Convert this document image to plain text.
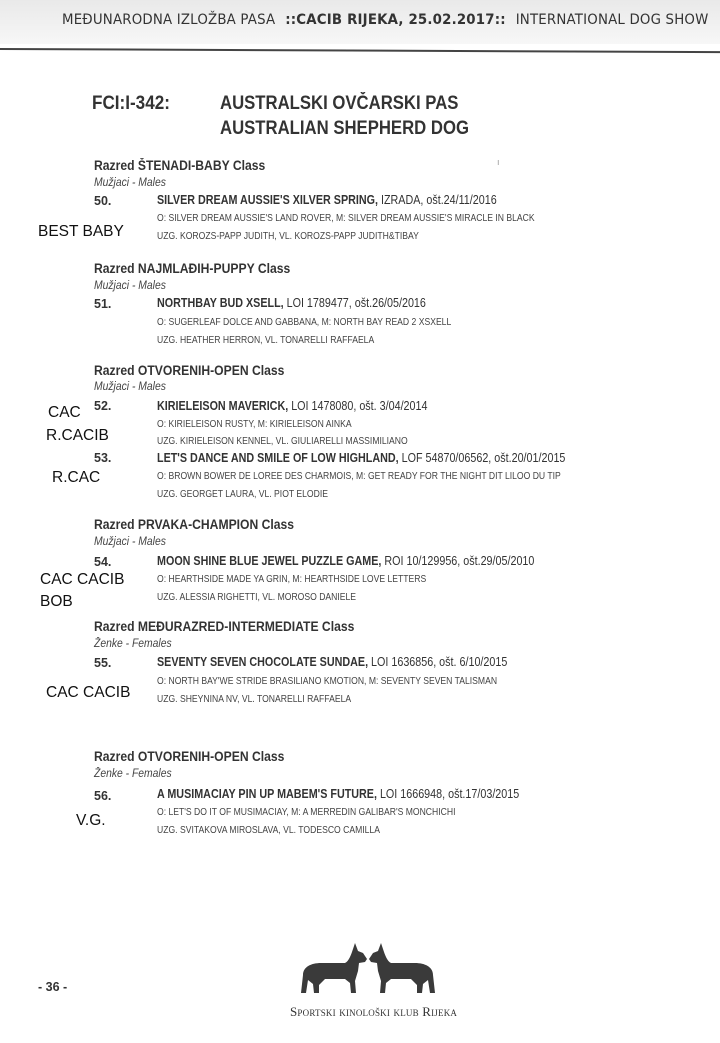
MEĐUNARODNA IZLOŽBA PASA ::CACIB RIJEKA, 25.02.2017:: INTERNATIONAL DOG SHOW
FCI:I-342:	AUSTRALSKI OVČARSKI PAS
AUSTRALIAN SHEPHERD DOG
ı
Razred ŠTENADI-BABY Class
Mužjaci - Males
50.	SILVER DREAM AUSSIE'S XILVER SPRING, IZRADA, ošt.24/11/2016
O: SILVER DREAM AUSSIE'S LAND ROVER, M: SILVER DREAM AUSSIE'S MIRACLE IN BLACK
UZG. KOROZS-PAPP JUDITH, VL. KOROZS-PAPP JUDITH&TIBAY
BEST BABY
Razred NAJMLAĐIH-PUPPY Class
Mužjaci - Males
51.	NORTHBAY BUD XSELL, LOI 1789477, ošt.26/05/2016
O: SUGERLEAF DOLCE AND GABBANA, M: NORTH BAY READ 2 XSXELL
UZG. HEATHER HERRON, VL. TONARELLI RAFFAELA
Razred OTVORENIH-OPEN Class
Mužjaci - Males
52.	KIRIELEISON MAVERICK, LOI 1478080, ošt. 3/04/2014
O: KIRIELEISON RUSTY, M: KIRIELEISON AINKA
UZG. KIRIELEISON KENNEL, VL. GIULIARELLI MASSIMILIANO
CAC
R.CACIB
53.	LET'S DANCE AND SMILE OF LOW HIGHLAND, LOF 54870/06562, ošt.20/01/2015
O: BROWN BOWER DE LOREE DES CHARMOIS, M: GET READY FOR THE NIGHT DIT LILOO DU TIP
UZG. GEORGET LAURA, VL. PIOT ELODIE
R.CAC
Razred PRVAKA-CHAMPION Class
Mužjaci - Males
54.	MOON SHINE BLUE JEWEL PUZZLE GAME, ROI 10/129956, ošt.29/05/2010
O: HEARTHSIDE MADE YA GRIN, M: HEARTHSIDE LOVE LETTERS
UZG. ALESSIA RIGHETTI, VL. MOROSO DANIELE
CAC CACIB
BOB
Razred MEĐURAZRED-INTERMEDIATE Class
Ženke - Females
55.	SEVENTY SEVEN CHOCOLATE SUNDAE, LOI 1636856, ošt. 6/10/2015
O: NORTH BAY'WE STRIDE BRASILIANO KMOTION, M: SEVENTY SEVEN TALISMAN
UZG. SHEYNINA NV, VL. TONARELLI RAFFAELA
CAC CACIB
Razred OTVORENIH-OPEN Class
Ženke - Females
56.	A MUSIMACIAY PIN UP MABEM'S FUTURE, LOI 1666948, ošt.17/03/2015
O: LET'S DO IT OF MUSIMACIAY, M: A MERREDIN GALIBAR'S MONCHICHI
UZG. SVITAKOVA MIROSLAVA, VL. TODESCO CAMILLA
V.G.
- 36 -
Sportski kinološki klub Rijeka
